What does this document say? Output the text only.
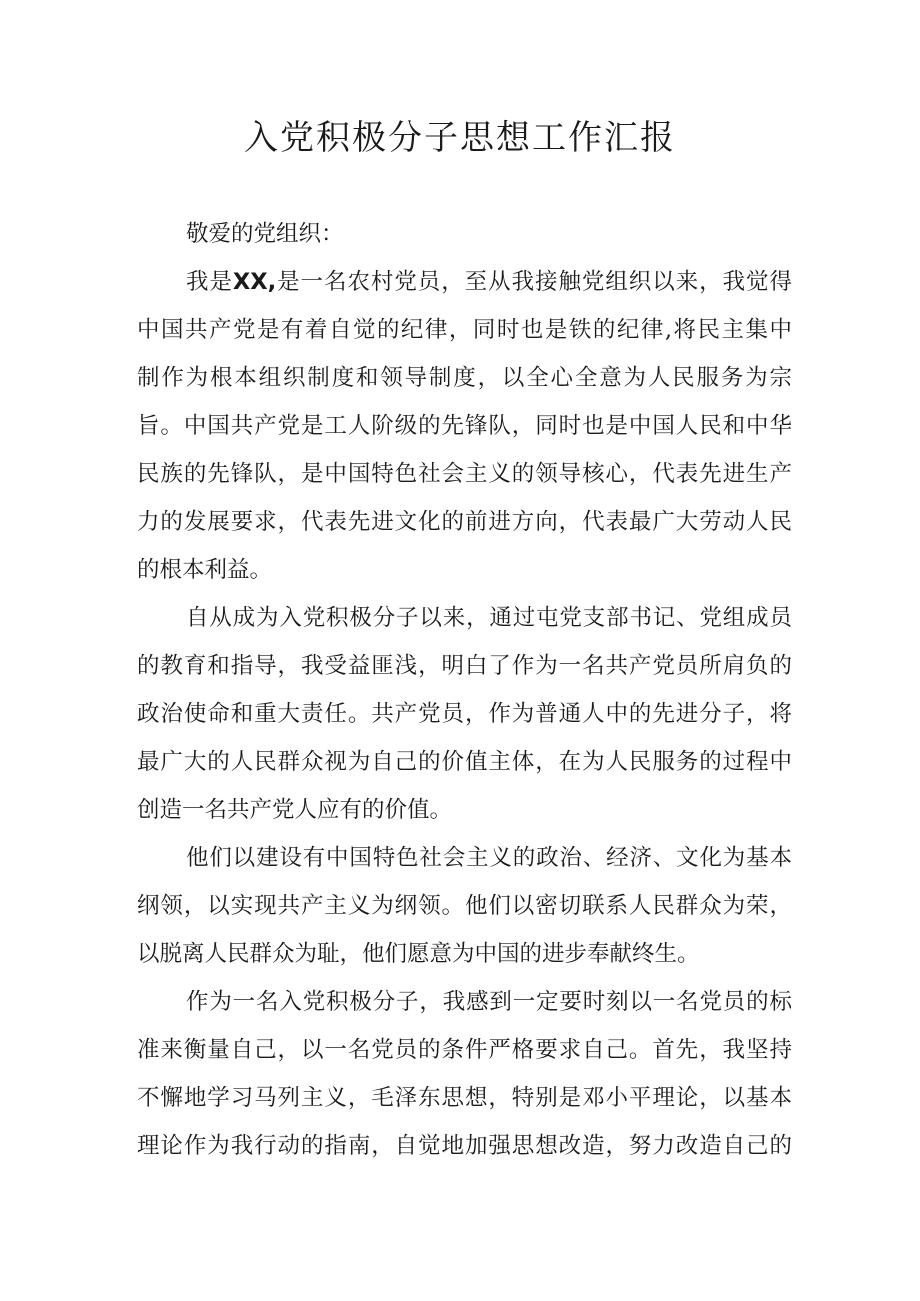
入党积极分子思想工作汇报
敬爱的党组织：
我是XX,是一名农村党员，至从我接触党组织以来，我觉得
中国共产党是有着自觉的纪律，同时也是铁的纪律,将民主集中
制作为根本组织制度和领导制度，以全心全意为人民服务为宗
旨。中国共产党是工人阶级的先锋队，同时也是中国人民和中华
民族的先锋队，是中国特色社会主义的领导核心，代表先进生产
力的发展要求，代表先进文化的前进方向，代表最广大劳动人民
的根本利益。
自从成为入党积极分子以来，通过屯党支部书记、党组成员
的教育和指导，我受益匪浅，明白了作为一名共产党员所肩负的
政治使命和重大责任。共产党员，作为普通人中的先进分子，将
最广大的人民群众视为自己的价值主体，在为人民服务的过程中
创造一名共产党人应有的价值。
他们以建设有中国特色社会主义的政治、经济、文化为基本
纲领，以实现共产主义为纲领。他们以密切联系人民群众为荣，
以脱离人民群众为耻，他们愿意为中国的进步奉献终生。
作为一名入党积极分子，我感到一定要时刻以一名党员的标
准来衡量自己，以一名党员的条件严格要求自己。首先，我坚持
不懈地学习马列主义，毛泽东思想，特别是邓小平理论，以基本
理论作为我行动的指南，自觉地加强思想改造，努力改造自己的
